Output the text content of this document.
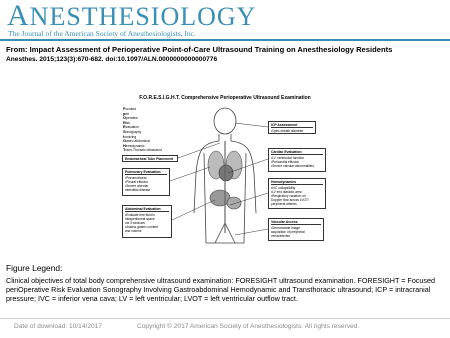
ANESTHESIOLOGY
The Journal of the American Society of Anesthesiologists, Inc.
From: Impact Assessment of Perioperative Point-of-Care Ultrasound Training on Anesthesiology Residents
Anesthes. 2015;123(3):670-682. doi:10.1097/ALN.0000000000000776
F.O.R.E.S.I.G.H.T. Comprehensive Perioperative Ultrasound Examination
Focused
peri
Operative
Risk
Evaluation
Sonography
Involving
Gastro-abdominal
Hemodynamic
Trans-Thoracic ultrasound
ICP Assessment
•Optic sheath diameter
Endotracheal Tube Placement
Cardiac Evaluation
•LV, ventricular function
•Pericardial effusion
•Severe valvular abnormalities
Pulmonary Evaluation
•Pneumothorax
•Pleural effusion
•Severe alveolar
interstitial disease
Hemodynamics
•IVC collapsibility
•LV end diastolic area
•Respiratory variation on
Doppler flow across LVOT/
peripheral arteries
Abdominal Evaluation
•Evaluate free fluid in
intraperitoneal space
via 3 windows
•Assess gastric content
and volume
Vascular Access
•Demonstrate image
acquisition of peripheral
veins/arteries
Figure Legend:
Clinical objectives of total body comprehensive ultrasound examination: FORESIGHT ultrasound examination. FORESIGHT = Focused periOperative Risk Evaluation Sonography Involving Gastroabdominal Hemodynamic and Transthoracic ultrasound; ICP = intracranial pressure; IVC = inferior vena cava; LV = left ventricular; LVOT = left ventricular outflow tract.
Date of download: 10/14/2017	Copyright © 2017 American Society of Anesthesiologists. All rights reserved.
